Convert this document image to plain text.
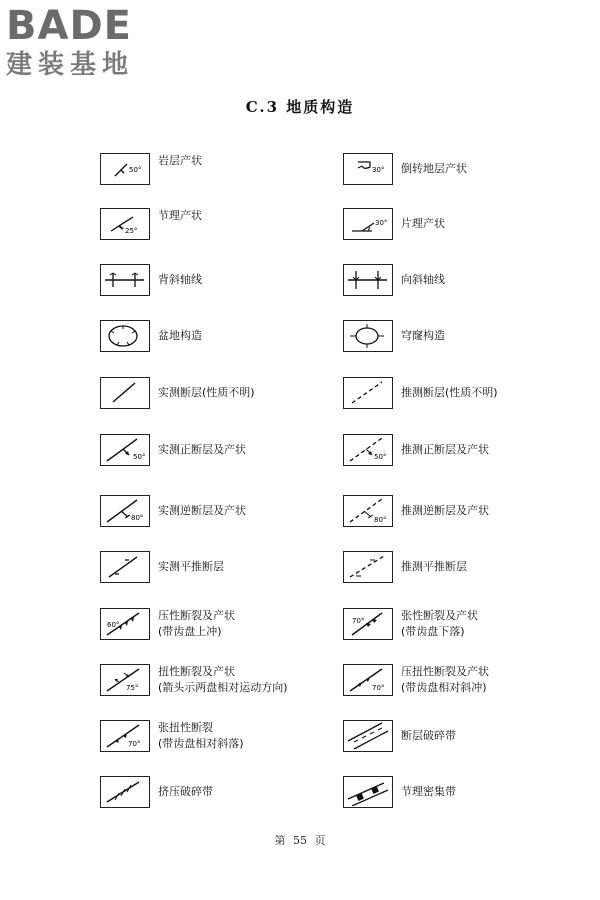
BADE
建装基地
C.3 地质构造
50°
岩层产状
25°
节理产状
背斜轴线
盆地构造
实测断层(性质不明)
50°
实测正断层及产状
80°
实测逆断层及产状
实测平推断层
60°
压性断裂及产状
(带齿盘上冲)
75°
扭性断裂及产状
(箭头示两盘相对运动方向)
70°
张扭性断裂
(带齿盘相对斜落)
挤压破碎带
30° 倒转地层产状
30° 片理产状
向斜轴线
穹窿构造
推测断层(性质不明)
50°
推测正断层及产状
80°
推测逆断层及产状
推测平推断层
70°	张性断裂及产状
(带齿盘下落)
70°
压扭性断裂及产状
(带齿盘相对斜冲)
断层破碎带
节理密集带
第 55 页
